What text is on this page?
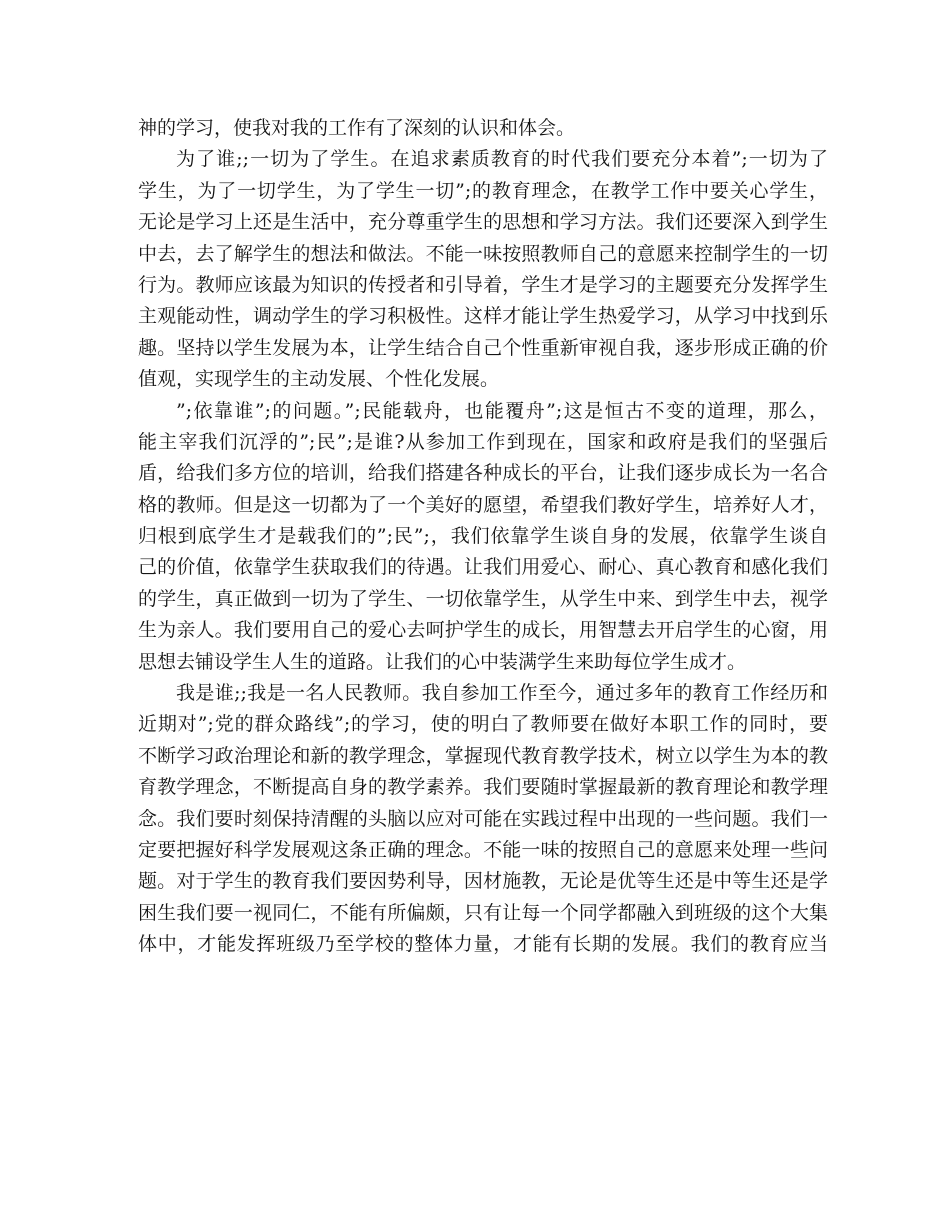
神的学习，使我对我的工作有了深刻的认识和体会。
为了谁;;一切为了学生。在追求素质教育的时代我们要充分本着”;一切为了
学生，为了一切学生，为了学生一切”;的教育理念，在教学工作中要关心学生，
无论是学习上还是生活中，充分尊重学生的思想和学习方法。我们还要深入到学生
中去，去了解学生的想法和做法。不能一味按照教师自己的意愿来控制学生的一切
行为。教师应该最为知识的传授者和引导着，学生才是学习的主题要充分发挥学生
主观能动性，调动学生的学习积极性。这样才能让学生热爱学习，从学习中找到乐
趣。坚持以学生发展为本，让学生结合自己个性重新审视自我，逐步形成正确的价
值观，实现学生的主动发展、个性化发展。
”;依靠谁”;的问题。”;民能载舟，也能覆舟”;这是恒古不变的道理，那么，
能主宰我们沉浮的”;民”;是谁?从参加工作到现在，国家和政府是我们的坚强后
盾，给我们多方位的培训，给我们搭建各种成长的平台，让我们逐步成长为一名合
格的教师。但是这一切都为了一个美好的愿望，希望我们教好学生，培养好人才，
归根到底学生才是载我们的”;民”;，我们依靠学生谈自身的发展，依靠学生谈自
己的价值，依靠学生获取我们的待遇。让我们用爱心、耐心、真心教育和感化我们
的学生，真正做到一切为了学生、一切依靠学生，从学生中来、到学生中去，视学
生为亲人。我们要用自己的爱心去呵护学生的成长，用智慧去开启学生的心窗，用
思想去铺设学生人生的道路。让我们的心中装满学生来助每位学生成才。
我是谁;;我是一名人民教师。我自参加工作至今，通过多年的教育工作经历和
近期对”;党的群众路线”;的学习，使的明白了教师要在做好本职工作的同时，要
不断学习政治理论和新的教学理念，掌握现代教育教学技术，树立以学生为本的教
育教学理念，不断提高自身的教学素养。我们要随时掌握最新的教育理论和教学理
念。我们要时刻保持清醒的头脑以应对可能在实践过程中出现的一些问题。我们一
定要把握好科学发展观这条正确的理念。不能一味的按照自己的意愿来处理一些问
题。对于学生的教育我们要因势利导，因材施教，无论是优等生还是中等生还是学
困生我们要一视同仁，不能有所偏颇，只有让每一个同学都融入到班级的这个大集
体中，才能发挥班级乃至学校的整体力量，才能有长期的发展。我们的教育应当
